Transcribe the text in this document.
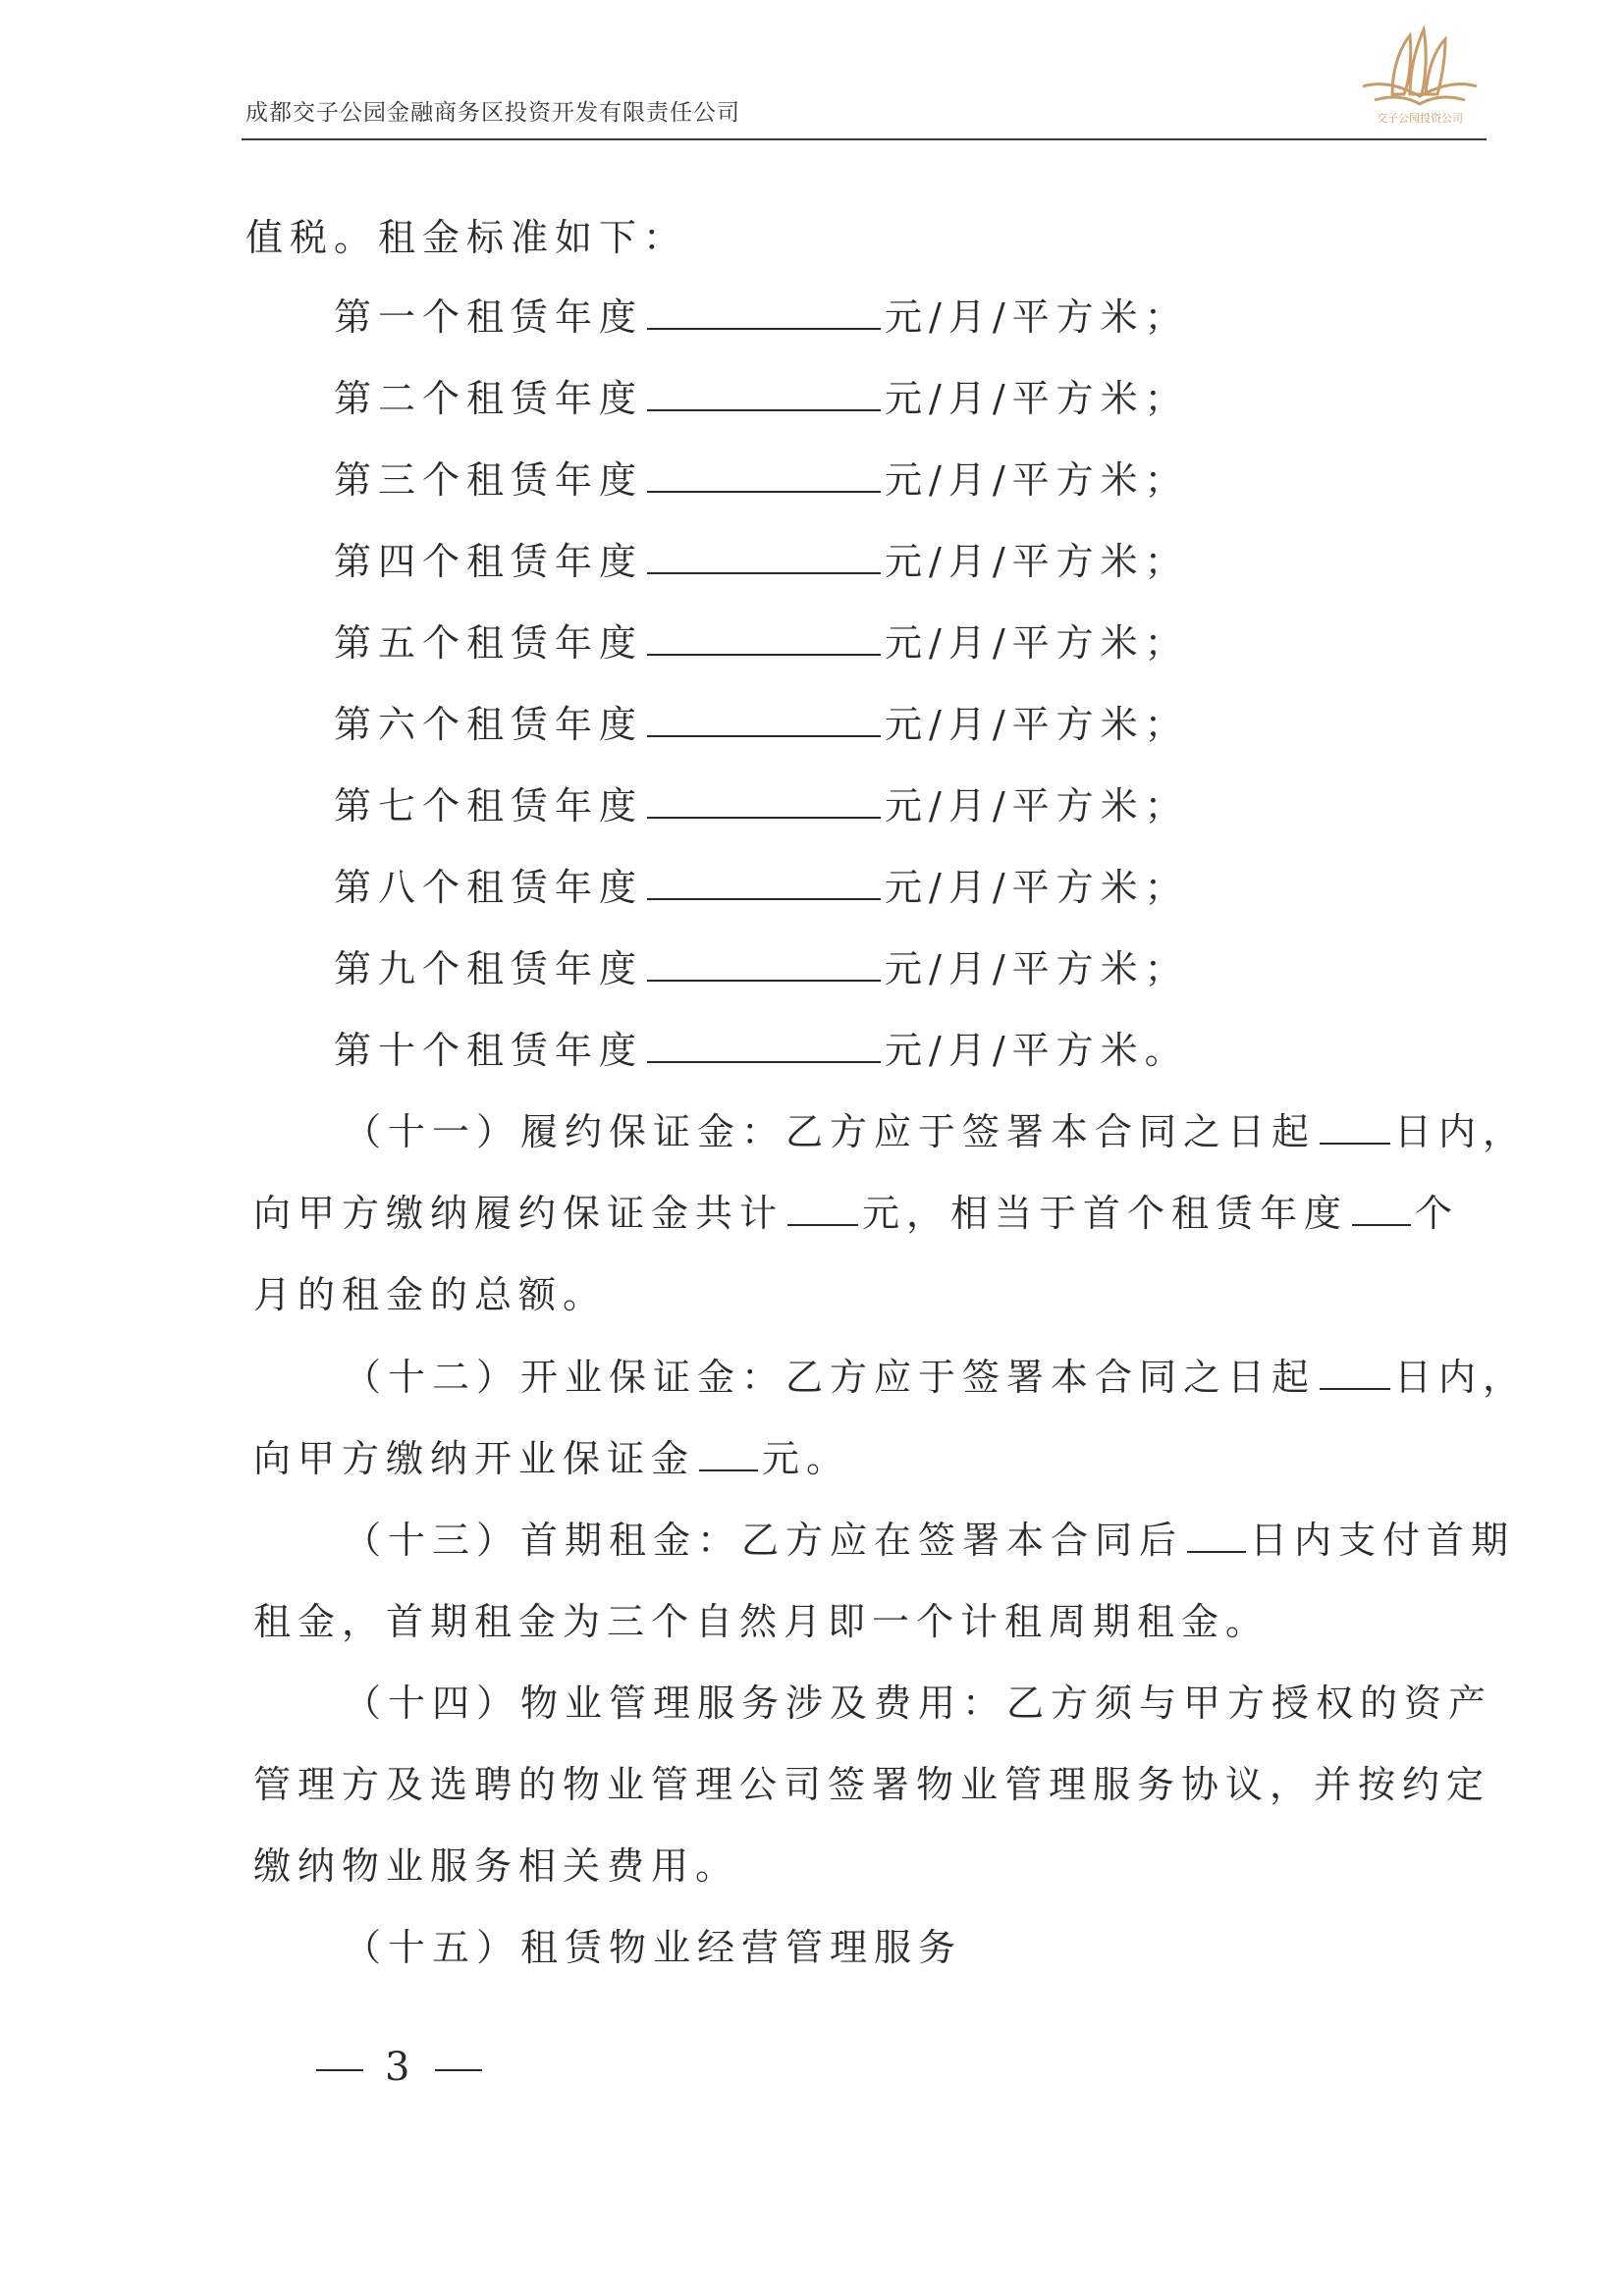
成都交子公园金融商务区投资开发有限责任公司	交子公园投资公司
值税。租金标准如下：
第一个租赁年度	元/月/平方米；
第二个租赁年度	元/月/平方米；
第三个租赁年度	元/月/平方米；
第四个租赁年度	元/月/平方米；
第五个租赁年度	元/月/平方米；
第六个租赁年度	元/月/平方米；
第七个租赁年度	元/月/平方米；
第八个租赁年度	元/月/平方米；
第九个租赁年度	元/月/平方米；
第十个租赁年度	元/月/平方米。
（十一）履约保证金：乙方应于签署本合同之日起 日内，
向甲方缴纳履约保证金共计 元，相当于首个租赁年度 个
月的租金的总额。
（十二）开业保证金：乙方应于签署本合同之日起 日内，
向甲方缴纳开业保证金 元。
（十三）首期租金：乙方应在签署本合同后 日内支付首期
租金，首期租金为三个自然月即一个计租周期租金。
（十四）物业管理服务涉及费用：乙方须与甲方授权的资产
管理方及选聘的物业管理公司签署物业管理服务协议，并按约定
缴纳物业服务相关费用。
（十五）租赁物业经营管理服务
3
